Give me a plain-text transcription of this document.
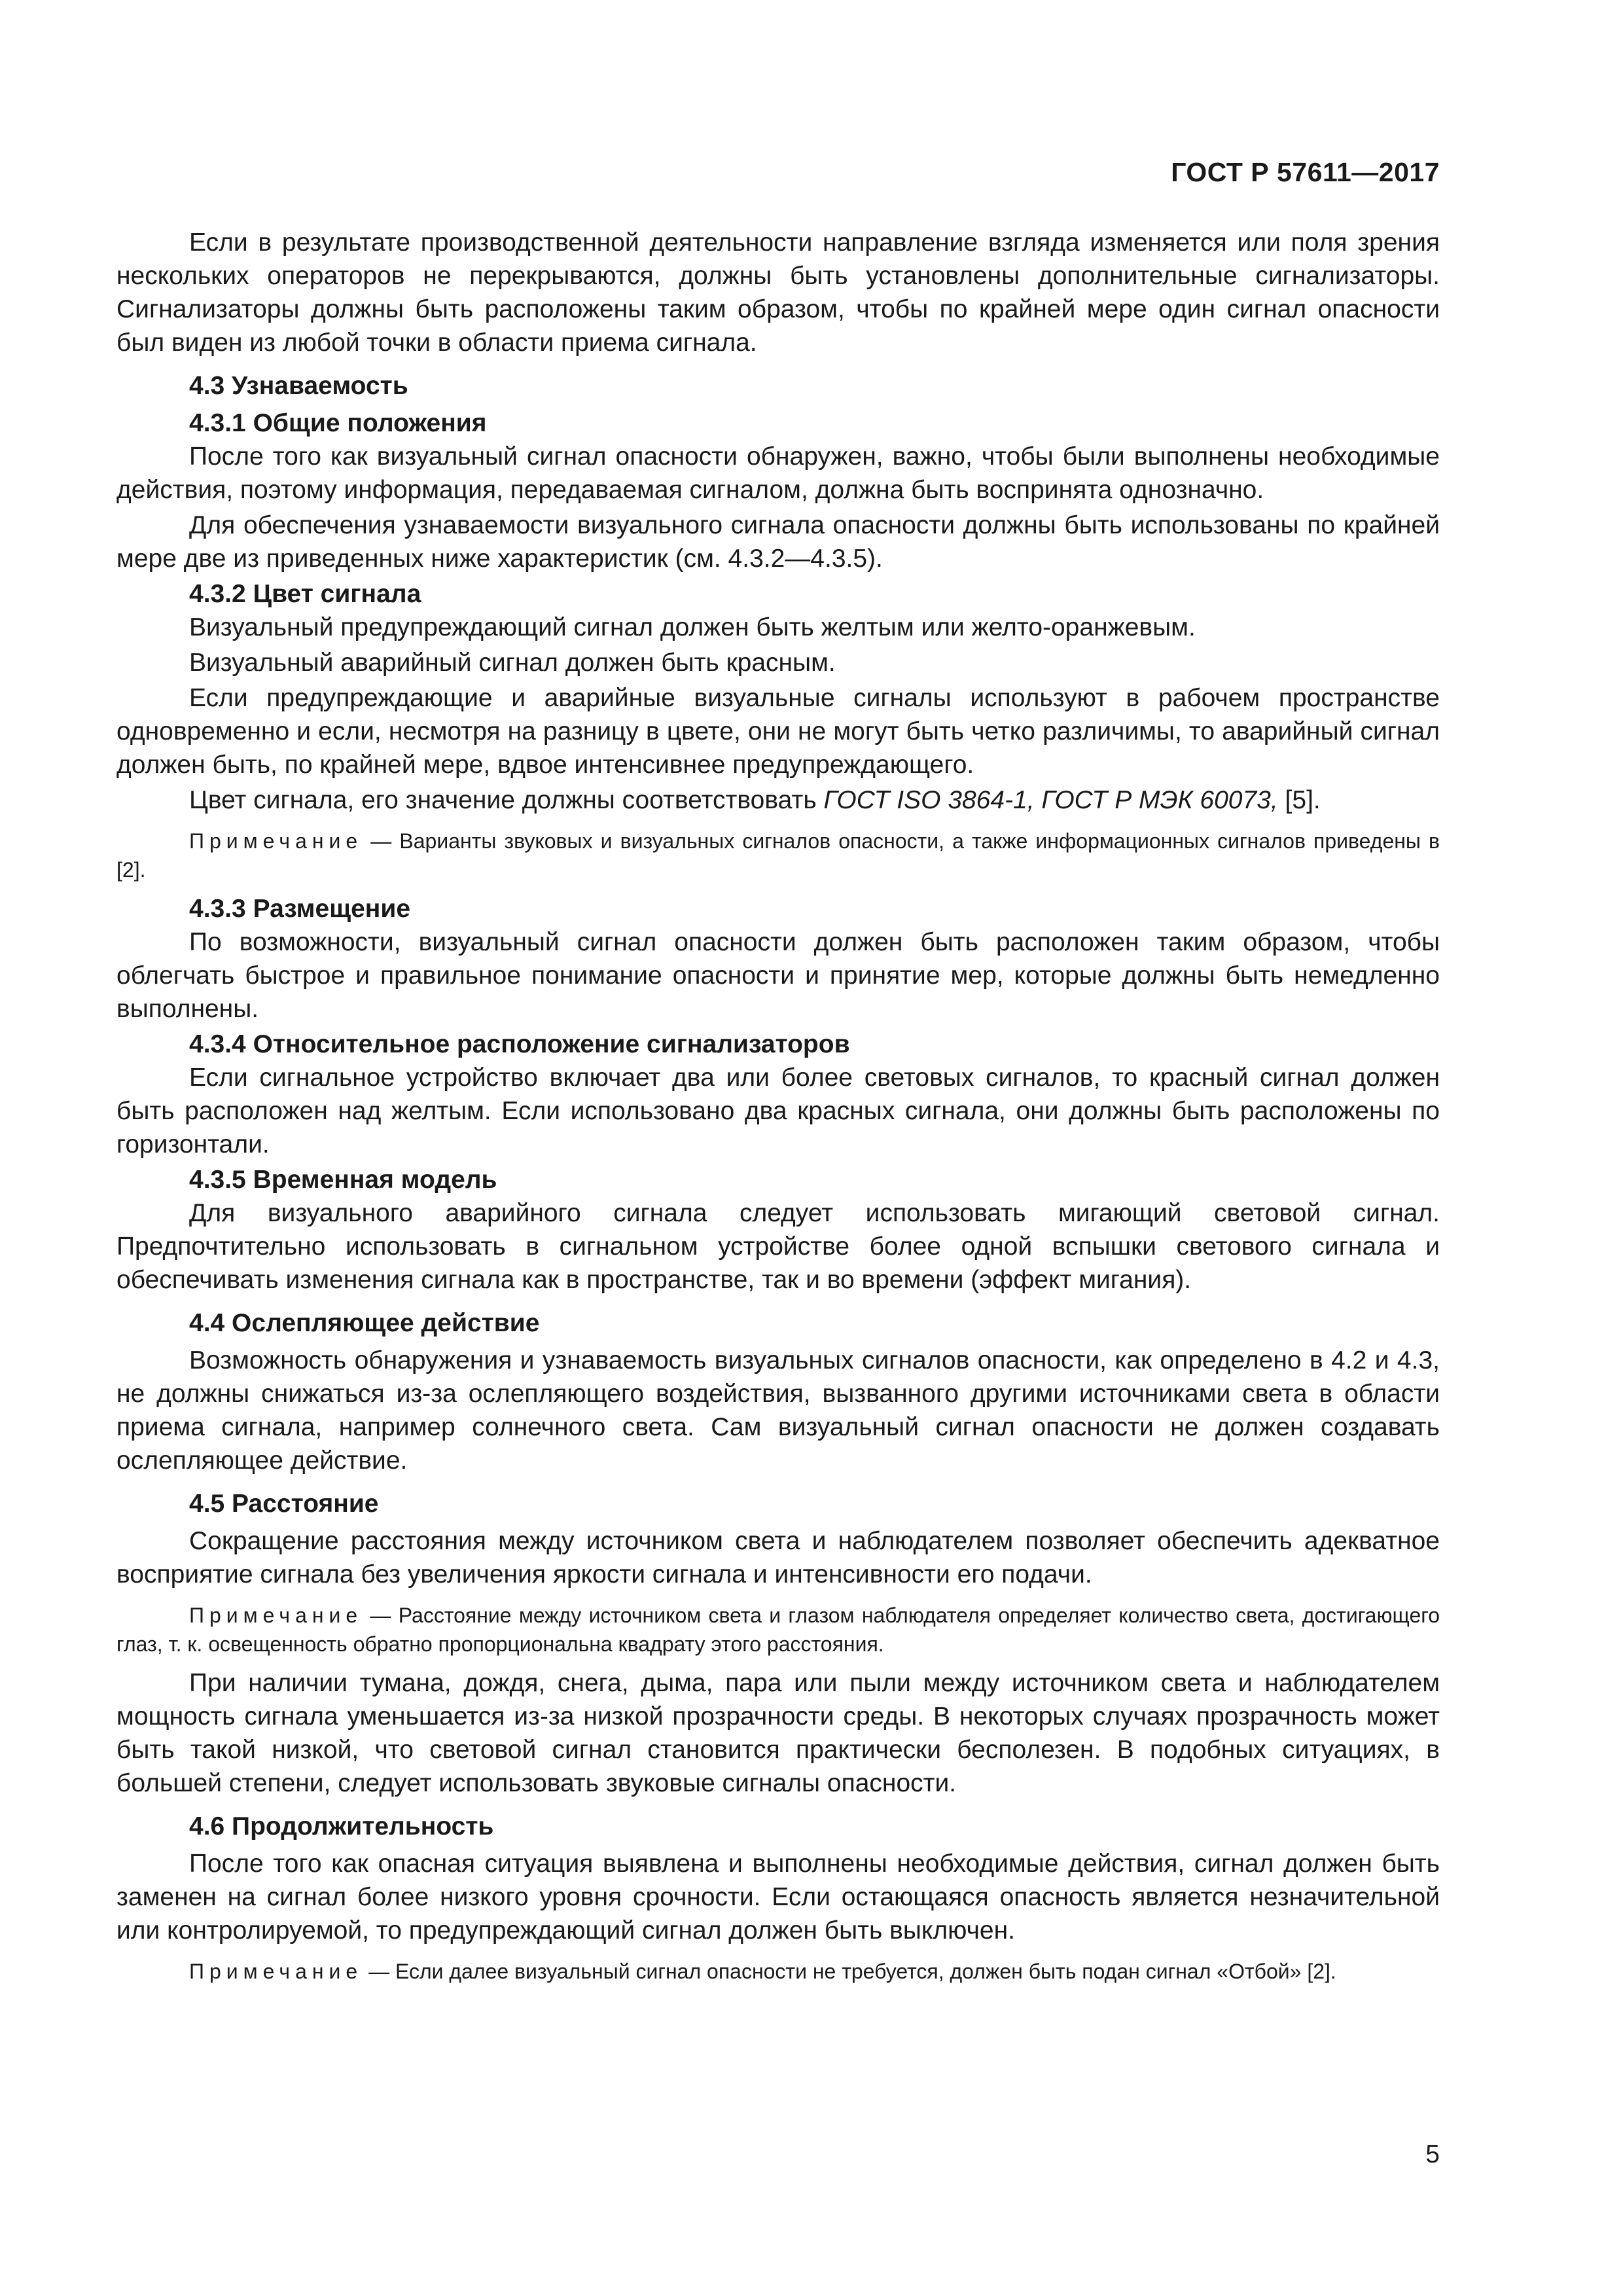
ГОСТ Р 57611—2017

Если в результате производственной деятельности направление взгляда изменяется или поля зрения нескольких операторов не перекрываются, должны быть установлены дополнительные сигнализаторы. Сигнализаторы должны быть расположены таким образом, чтобы по крайней мере один сигнал опасности был виден из любой точки в области приема сигнала.

4.3 Узнаваемость

4.3.1 Общие положения

После того как визуальный сигнал опасности обнаружен, важно, чтобы были выполнены необходимые действия, поэтому информация, передаваемая сигналом, должна быть воспринята однозначно.

Для обеспечения узнаваемости визуального сигнала опасности должны быть использованы по крайней мере две из приведенных ниже характеристик (см. 4.3.2—4.3.5).

4.3.2 Цвет сигнала

Визуальный предупреждающий сигнал должен быть желтым или желто-оранжевым.

Визуальный аварийный сигнал должен быть красным.

Если предупреждающие и аварийные визуальные сигналы используют в рабочем пространстве одновременно и если, несмотря на разницу в цвете, они не могут быть четко различимы, то аварийный сигнал должен быть, по крайней мере, вдвое интенсивнее предупреждающего.

Цвет сигнала, его значение должны соответствовать ГОСТ ISO 3864-1, ГОСТ Р МЭК 60073, [5].

Примечание — Варианты звуковых и визуальных сигналов опасности, а также информационных сигналов приведены в [2].

4.3.3 Размещение

По возможности, визуальный сигнал опасности должен быть расположен таким образом, чтобы облегчать быстрое и правильное понимание опасности и принятие мер, которые должны быть немедленно выполнены.

4.3.4 Относительное расположение сигнализаторов

Если сигнальное устройство включает два или более световых сигналов, то красный сигнал должен быть расположен над желтым. Если использовано два красных сигнала, они должны быть расположены по горизонтали.

4.3.5 Временная модель

Для визуального аварийного сигнала следует использовать мигающий световой сигнал. Предпочтительно использовать в сигнальном устройстве более одной вспышки светового сигнала и обеспечивать изменения сигнала как в пространстве, так и во времени (эффект мигания).

4.4 Ослепляющее действие

Возможность обнаружения и узнаваемость визуальных сигналов опасности, как определено в 4.2 и 4.3, не должны снижаться из-за ослепляющего воздействия, вызванного другими источниками света в области приема сигнала, например солнечного света. Сам визуальный сигнал опасности не должен создавать ослепляющее действие.

4.5 Расстояние

Сокращение расстояния между источником света и наблюдателем позволяет обеспечить адекватное восприятие сигнала без увеличения яркости сигнала и интенсивности его подачи.

Примечание — Расстояние между источником света и глазом наблюдателя определяет количество света, достигающего глаз, т. к. освещенность обратно пропорциональна квадрату этого расстояния.

При наличии тумана, дождя, снега, дыма, пара или пыли между источником света и наблюдателем мощность сигнала уменьшается из-за низкой прозрачности среды. В некоторых случаях прозрачность может быть такой низкой, что световой сигнал становится практически бесполезен. В подобных ситуациях, в большей степени, следует использовать звуковые сигналы опасности.

4.6 Продолжительность

После того как опасная ситуация выявлена и выполнены необходимые действия, сигнал должен быть заменен на сигнал более низкого уровня срочности. Если остающаяся опасность является незначительной или контролируемой, то предупреждающий сигнал должен быть выключен.

Примечание — Если далее визуальный сигнал опасности не требуется, должен быть подан сигнал «Отбой» [2].

5
